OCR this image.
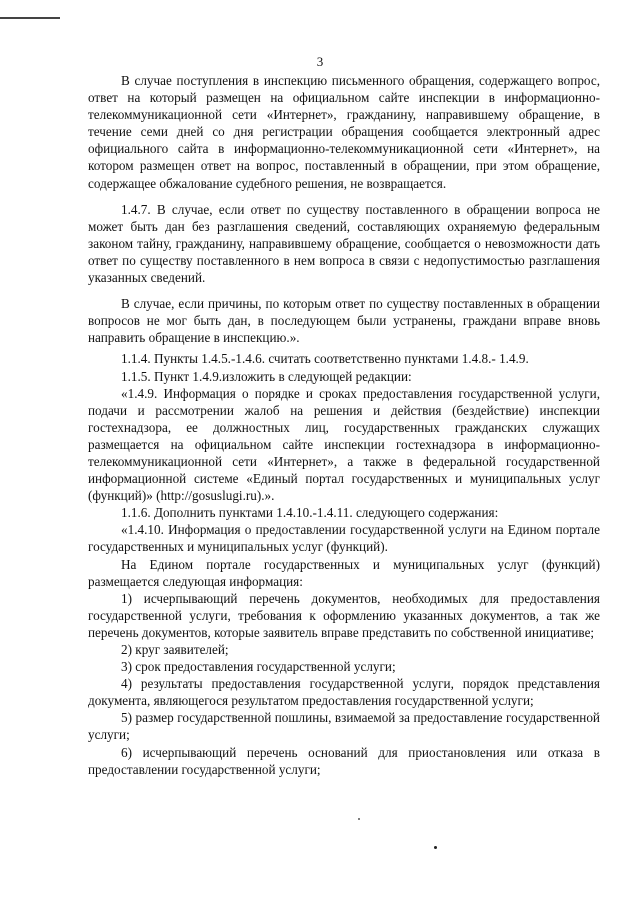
3

В случае поступления в инспекцию письменного обращения, содержащего вопрос, ответ на который размещен на официальном сайте инспекции в информационно-телекоммуникационной сети «Интернет», гражданину, направившему обращение, в течение семи дней со дня регистрации обращения сообщается электронный адрес официального сайта в информационно-телекоммуникационной сети «Интернет», на котором размещен ответ на вопрос, поставленный в обращении, при этом обращение, содержащее обжалование судебного решения, не возвращается.

1.4.7. В случае, если ответ по существу поставленного в обращении вопроса не может быть дан без разглашения сведений, составляющих охраняемую федеральным законом тайну, гражданину, направившему обращение, сообщается о невозможности дать ответ по существу поставленного в нем вопроса в связи с недопустимостью разглашения указанных сведений.

В случае, если причины, по которым ответ по существу поставленных в обращении вопросов не мог быть дан, в последующем были устранены, граждани вправе вновь направить обращение в инспекцию.».

1.1.4. Пункты 1.4.5.-1.4.6. считать соответственно пунктами 1.4.8.- 1.4.9.

1.1.5. Пункт 1.4.9.изложить в следующей редакции:

«1.4.9. Информация о порядке и сроках предоставления государственной услуги, подачи и рассмотрении жалоб на решения и действия (бездействие) инспекции гостехнадзора, ее должностных лиц, государственных гражданских служащих размещается на официальном сайте инспекции гостехнадзора в информационно-телекоммуникационной сети «Интернет», а также в федеральной государственной информационной системе «Единый портал государственных и муниципальных услуг (функций)» (http://gosuslugi.ru).».

1.1.6. Дополнить пунктами 1.4.10.-1.4.11. следующего содержания:

«1.4.10. Информация о предоставлении государственной услуги на Едином портале государственных и муниципальных услуг (функций).

На Едином портале государственных и муниципальных услуг (функций) размещается следующая информация:

1) исчерпывающий перечень документов, необходимых для предоставления государственной услуги, требования к оформлению указанных документов, а так же перечень документов, которые заявитель вправе представить по собственной инициативе;

2) круг заявителей;

3) срок предоставления государственной услуги;

4) результаты предоставления государственной услуги, порядок представления документа, являющегося результатом предоставления государственной услуги;

5) размер государственной пошлины, взимаемой за предоставление государственной услуги;

6) исчерпывающий перечень оснований для приостановления или отказа в предоставлении государственной услуги;
